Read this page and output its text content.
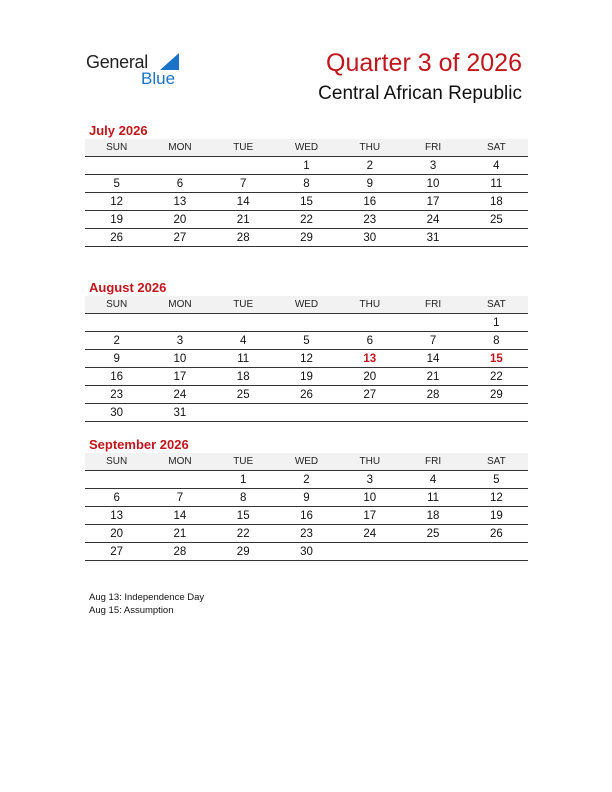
General
Blue
Quarter 3 of 2026
Central African Republic
July 2026
SUN	MON	TUE	WED	THU	FRI	SAT
			1	2	3	4
5	6	7	8	9	10	11
12	13	14	15	16	17	18
19	20	21	22	23	24	25
26	27	28	29	30	31	
August 2026
SUN	MON	TUE	WED	THU	FRI	SAT
						1
2	3	4	5	6	7	8
9	10	11	12	13	14	15
16	17	18	19	20	21	22
23	24	25	26	27	28	29
30	31					
September 2026
SUN	MON	TUE	WED	THU	FRI	SAT
		1	2	3	4	5
6	7	8	9	10	11	12
13	14	15	16	17	18	19
20	21	22	23	24	25	26
27	28	29	30			
Aug 13: Independence Day
Aug 15: Assumption
